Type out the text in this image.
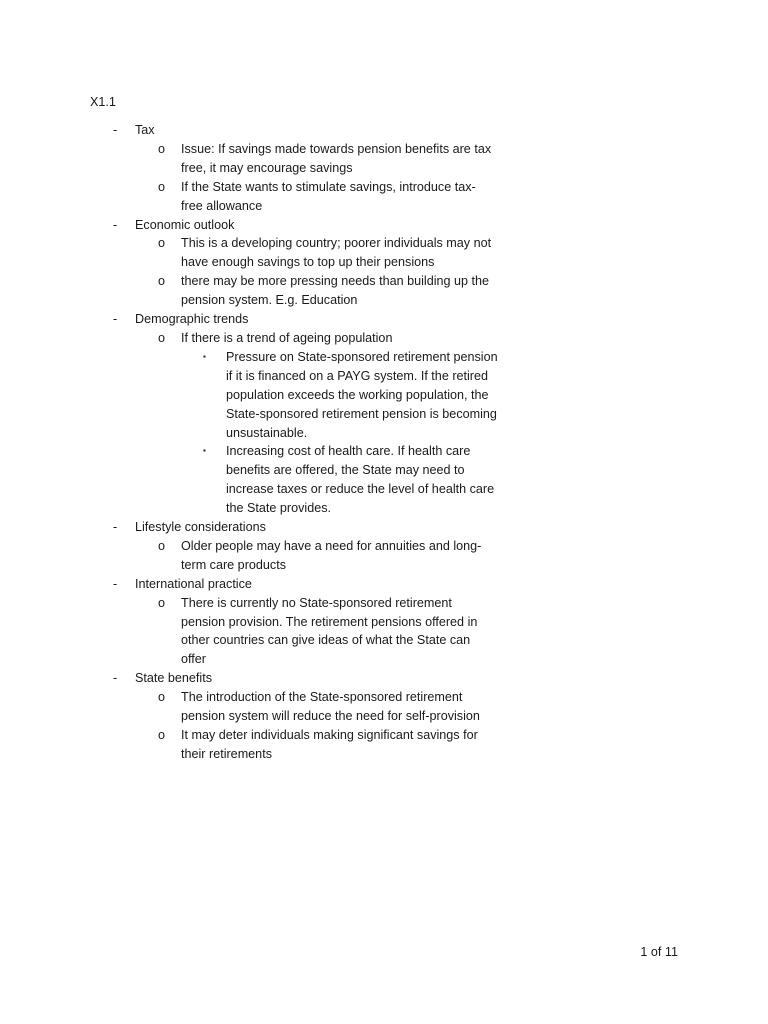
X1.1
- Tax
o Issue: If savings made towards pension benefits are tax free, it may encourage savings
o If the State wants to stimulate savings, introduce tax-free allowance
- Economic outlook
o This is a developing country; poorer individuals may not have enough savings to top up their pensions
o there may be more pressing needs than building up the pension system. E.g. Education
- Demographic trends
o If there is a trend of ageing population
▪ Pressure on State-sponsored retirement pension if it is financed on a PAYG system. If the retired population exceeds the working population, the State-sponsored retirement pension is becoming unsustainable.
▪ Increasing cost of health care. If health care benefits are offered, the State may need to increase taxes or reduce the level of health care the State provides.
- Lifestyle considerations
o Older people may have a need for annuities and long-term care products
- International practice
o There is currently no State-sponsored retirement pension provision. The retirement pensions offered in other countries can give ideas of what the State can offer
- State benefits
o The introduction of the State-sponsored retirement pension system will reduce the need for self-provision
o It may deter individuals making significant savings for their retirements
1 of 11
